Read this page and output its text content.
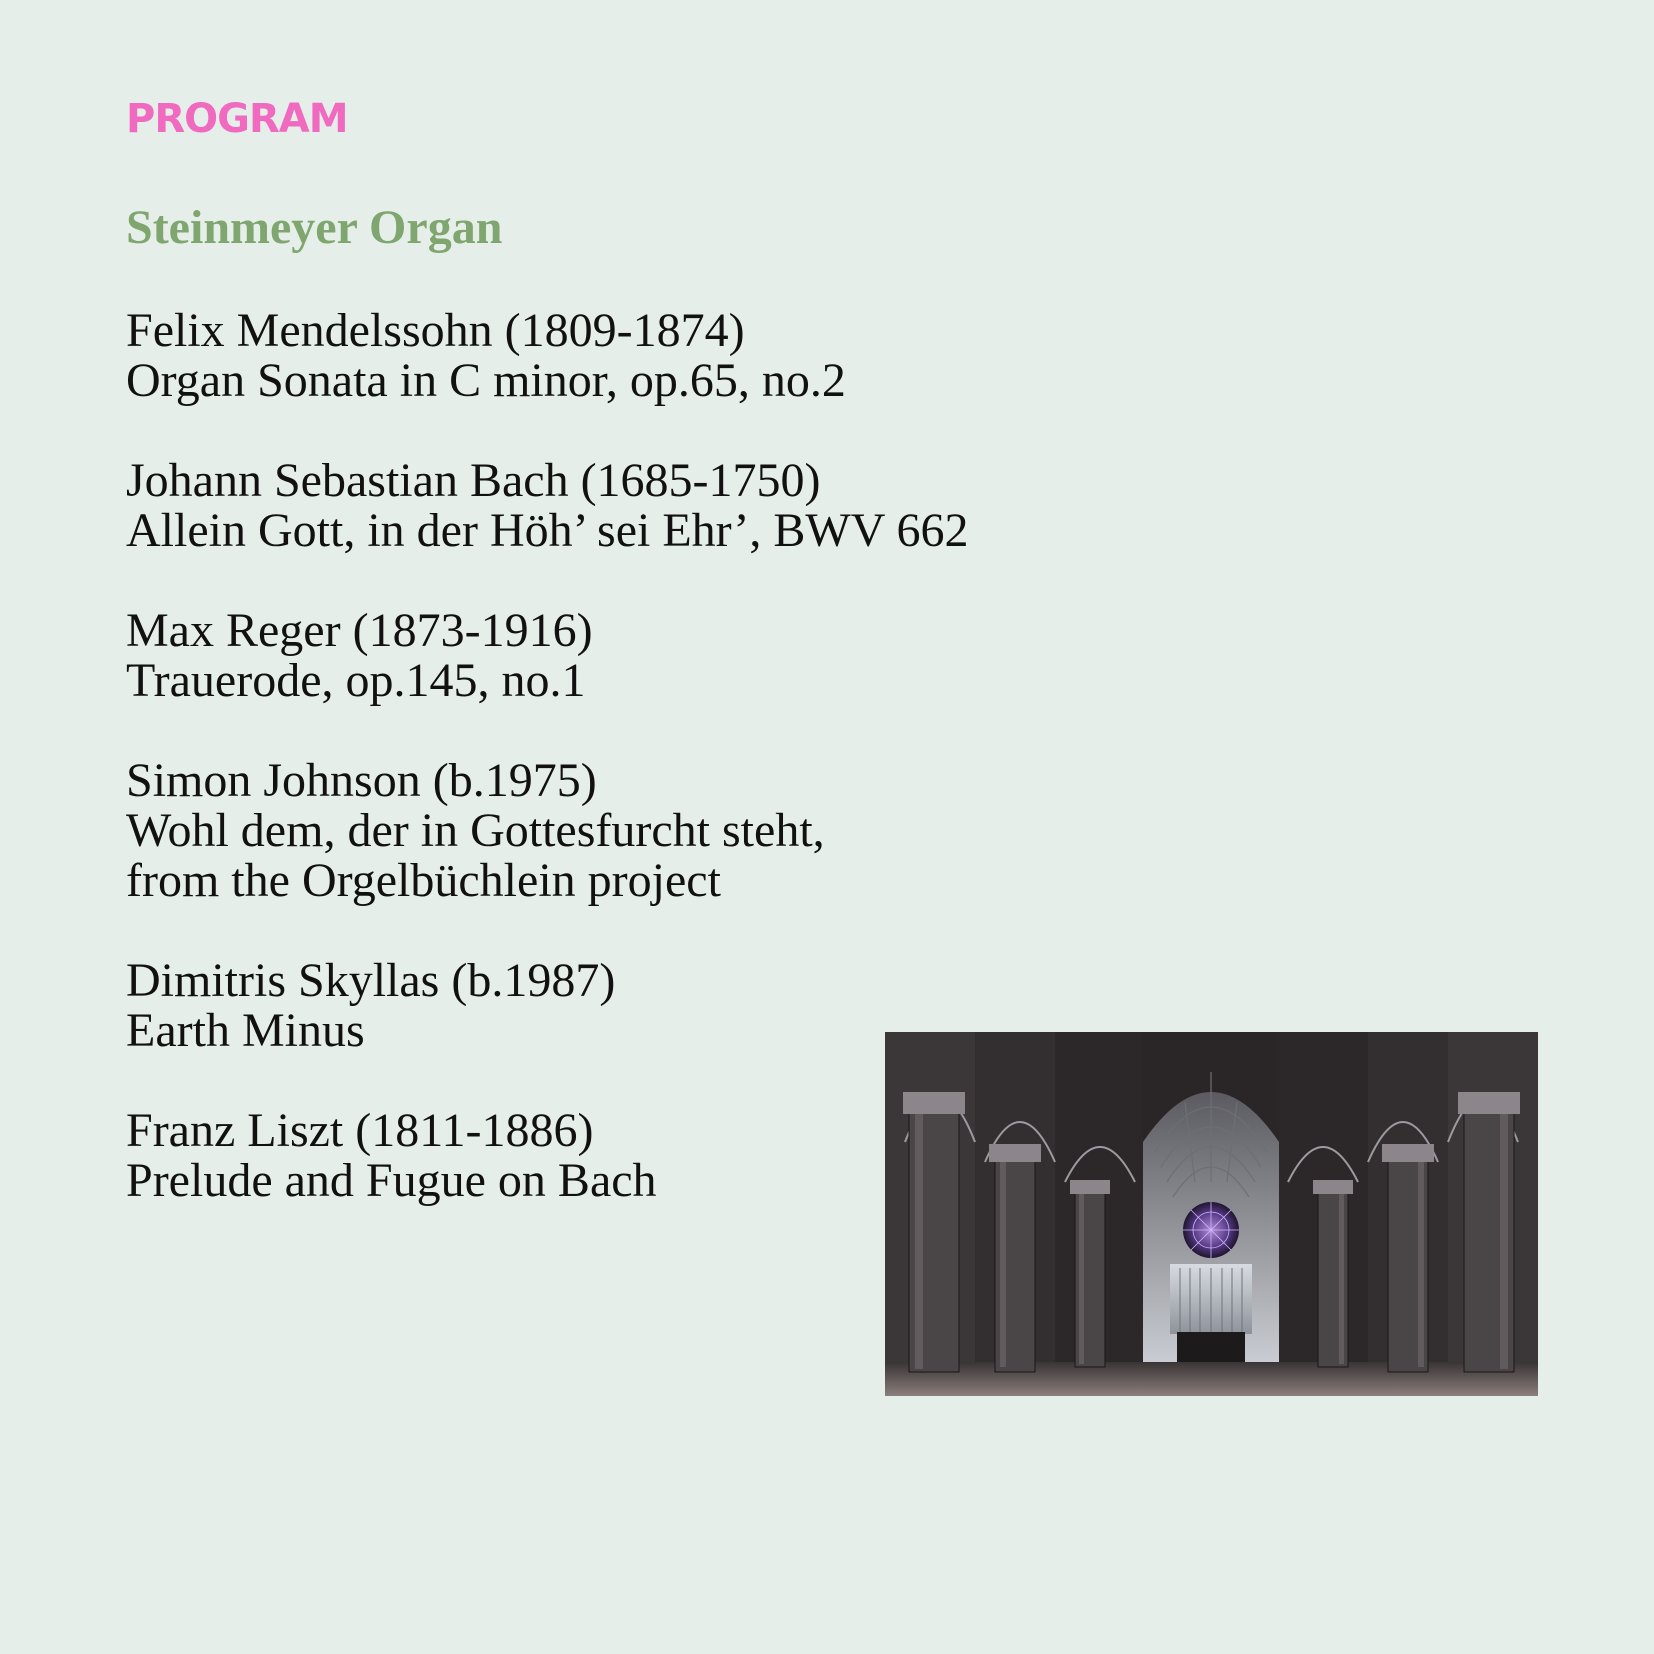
PROGRAM
Steinmeyer Organ
Felix Mendelssohn (1809-1874)
Organ Sonata in C minor, op.65, no.2
Johann Sebastian Bach (1685-1750)
Allein Gott, in der Höh’ sei Ehr’, BWV 662
Max Reger (1873-1916)
Trauerode, op.145, no.1
Simon Johnson (b.1975)
Wohl dem, der in Gottesfurcht steht,
from the Orgelbüchlein project
Dimitris Skyllas (b.1987)
Earth Minus
Franz Liszt (1811-1886)
Prelude and Fugue on Bach
